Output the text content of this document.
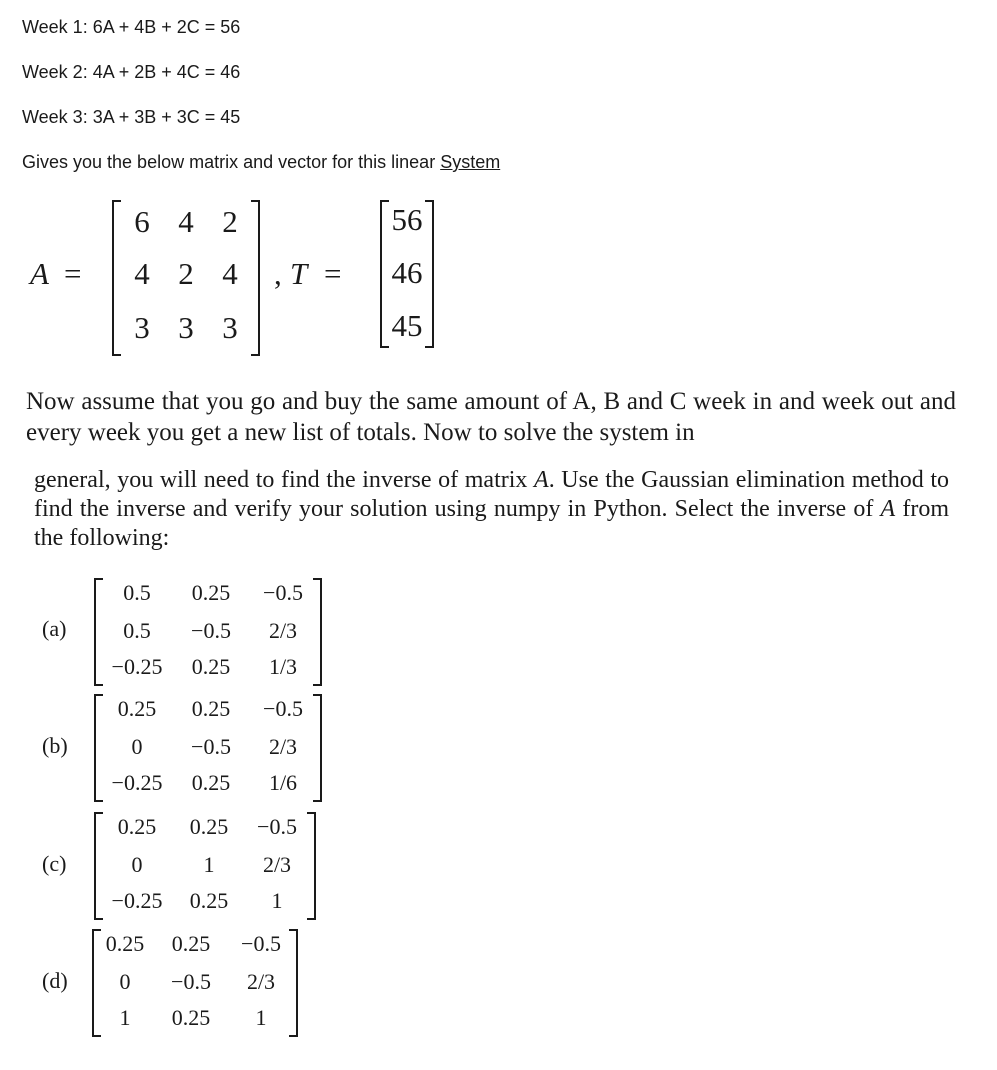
Week 1: 6A + 4B + 2C = 56
Week 2: 4A + 2B + 4C = 46
Week 3: 3A + 3B + 3C = 45
Gives you the below matrix and vector for this linear System
A =
6 4 2
4 2 4
3 3 3
, T =
56
46
45
Now assume that you go and buy the same amount of A, B and C week in and week out and every week you get a new list of totals. Now to solve the system in
general, you will need to find the inverse of matrix A. Use the Gaussian elimination method to find the inverse and verify your solution using numpy in Python. Select the inverse of A from the following:
(a)
0.5	0.25	−0.5
0.5	−0.5	2/3
−0.25	0.25	1/3
(b)
0.25	0.25	−0.5
0	−0.5	2/3
−0.25	0.25	1/6
(c)
0.25	0.25	−0.5
0	1	2/3
−0.25	0.25	1
(d)
0.25	0.25	−0.5
0	−0.5	2/3
1	0.25	1
